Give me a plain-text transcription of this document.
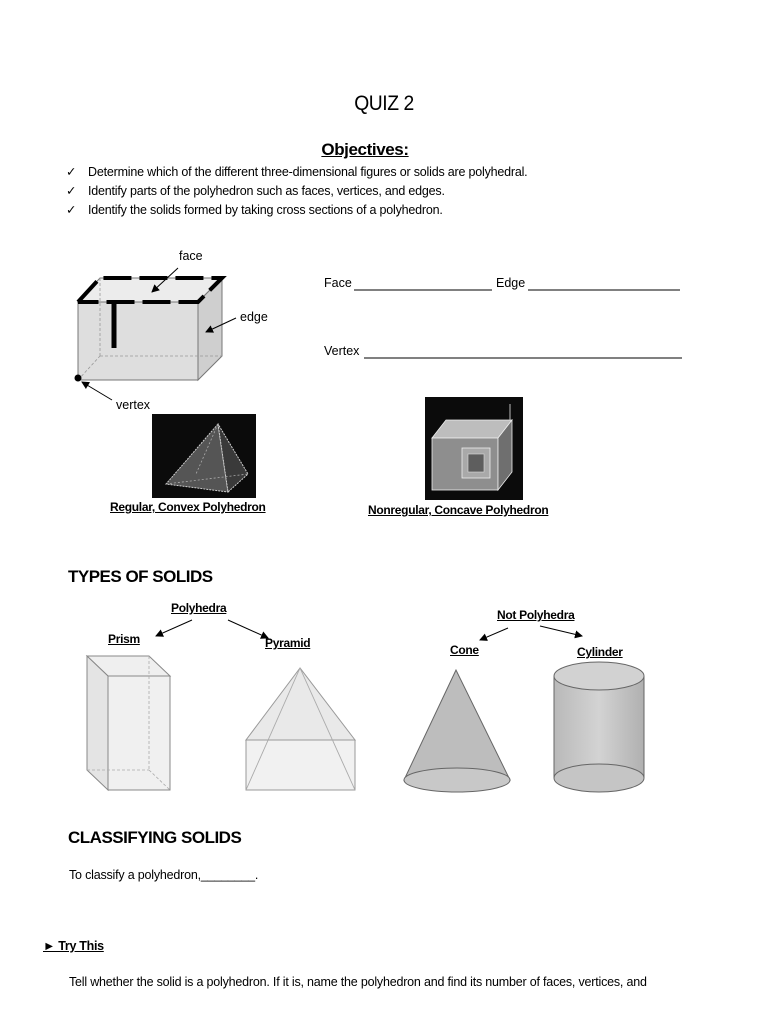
QUIZ 2
Objectives:
✓ Determine which of the different three-dimensional figures or solids are polyhedral.
✓ Identify parts of the polyhedron such as faces, vertices, and edges.
✓ Identify the solids formed by taking cross sections of a polyhedron.
face
edge
vertex
Face	Edge
Vertex
Regular, Convex Polyhedron	Nonregular, Concave Polyhedron
TYPES OF SOLIDS
Polyhedra
Prism	Pyramid
Not Polyhedra
Cone	Cylinder
CLASSIFYING SOLIDS
To classify a polyhedron,________.
► Try This
Tell whether the solid is a polyhedron. If it is, name the polyhedron and find its number of faces, vertices, and
